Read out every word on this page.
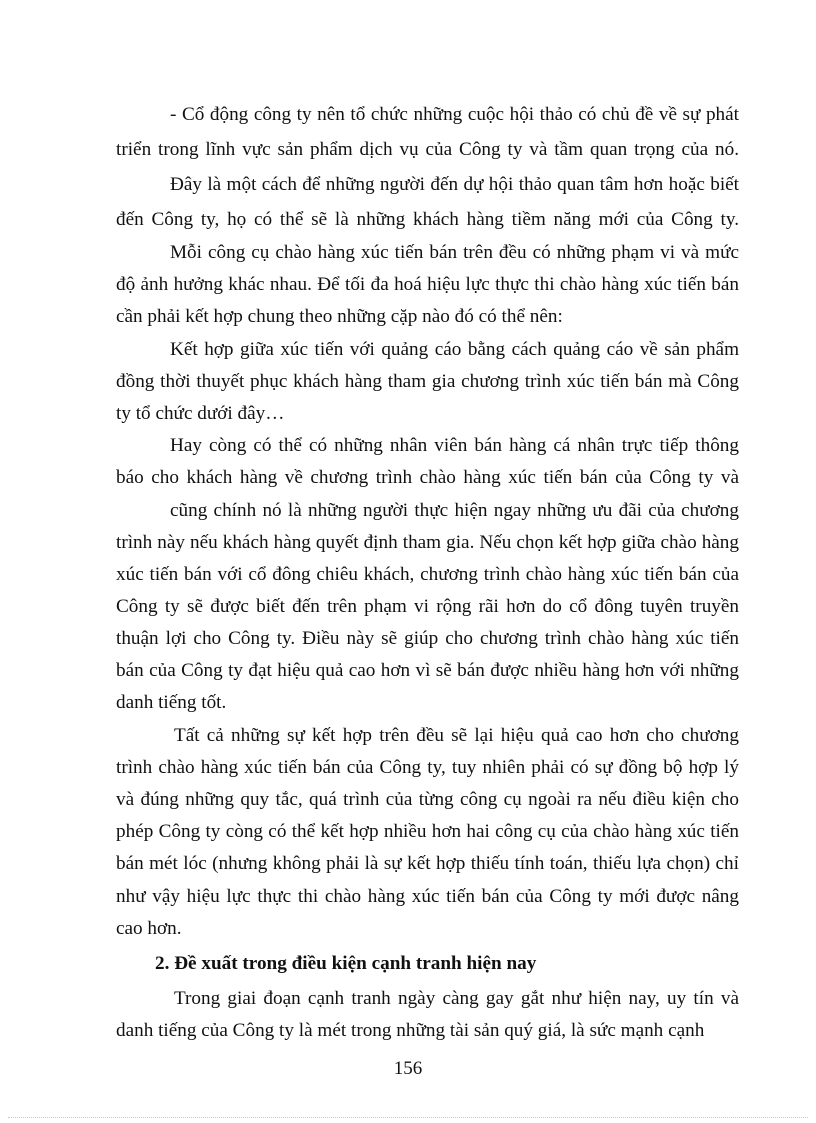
- Cổ động công ty nên tổ chức những cuộc hội thảo có chủ đề về sự phát
triển trong lĩnh vực sản phẩm dịch vụ của Công ty và tầm quan trọng của nó.
Đây là một cách để những người đến dự hội thảo quan tâm hơn hoặc biết
đến Công ty, họ có thể sẽ là những khách hàng tiềm năng mới của Công ty.
Mỗi công cụ chào hàng xúc tiến bán trên đều có những phạm vi và mức
độ ảnh hưởng khác nhau. Để tối đa hoá hiệu lực thực thi chào hàng xúc tiến bán
cần phải kết hợp chung theo những cặp nào đó có thể nên:
Kết hợp giữa xúc tiến với quảng cáo bằng cách quảng cáo về sản phẩm
đồng thời thuyết phục khách hàng tham gia chương trình xúc tiến bán mà Công
ty tổ chức dưới đây…
Hay còng có thể có những nhân viên bán hàng cá nhân trực tiếp thông
báo cho khách hàng về chương trình chào hàng xúc tiến bán của Công ty và
cũng chính nó là những người thực hiện ngay những ưu đãi của chương
trình này nếu khách hàng quyết định tham gia. Nếu chọn kết hợp giữa chào hàng
xúc tiến bán với cổ đông chiêu khách, chương trình chào hàng xúc tiến bán của
Công ty sẽ được biết đến trên phạm vi rộng rãi hơn do cổ đông tuyên truyền
thuận lợi cho Công ty. Điều này sẽ giúp cho chương trình chào hàng xúc tiến
bán của Công ty đạt hiệu quả cao hơn vì sẽ bán được nhiều hàng hơn với những
danh tiếng tốt.
Tất cả những sự kết hợp trên đều sẽ lại hiệu quả cao hơn cho chương
trình chào hàng xúc tiến bán của Công ty, tuy nhiên phải có sự đồng bộ hợp lý
và đúng những quy tắc, quá trình của từng công cụ ngoài ra nếu điều kiện cho
phép Công ty còng có thể kết hợp nhiều hơn hai công cụ của chào hàng xúc tiến
bán mét lóc (nhưng không phải là sự kết hợp thiếu tính toán, thiếu lựa chọn) chỉ
như vậy hiệu lực thực thi chào hàng xúc tiến bán của Công ty mới được nâng
cao hơn.
2. Đề xuất trong điều kiện cạnh tranh hiện nay
Trong giai đoạn cạnh tranh ngày càng gay gắt như hiện nay, uy tín và
danh tiếng của Công ty là mét trong những tài sản quý giá, là sức mạnh cạnh
156
